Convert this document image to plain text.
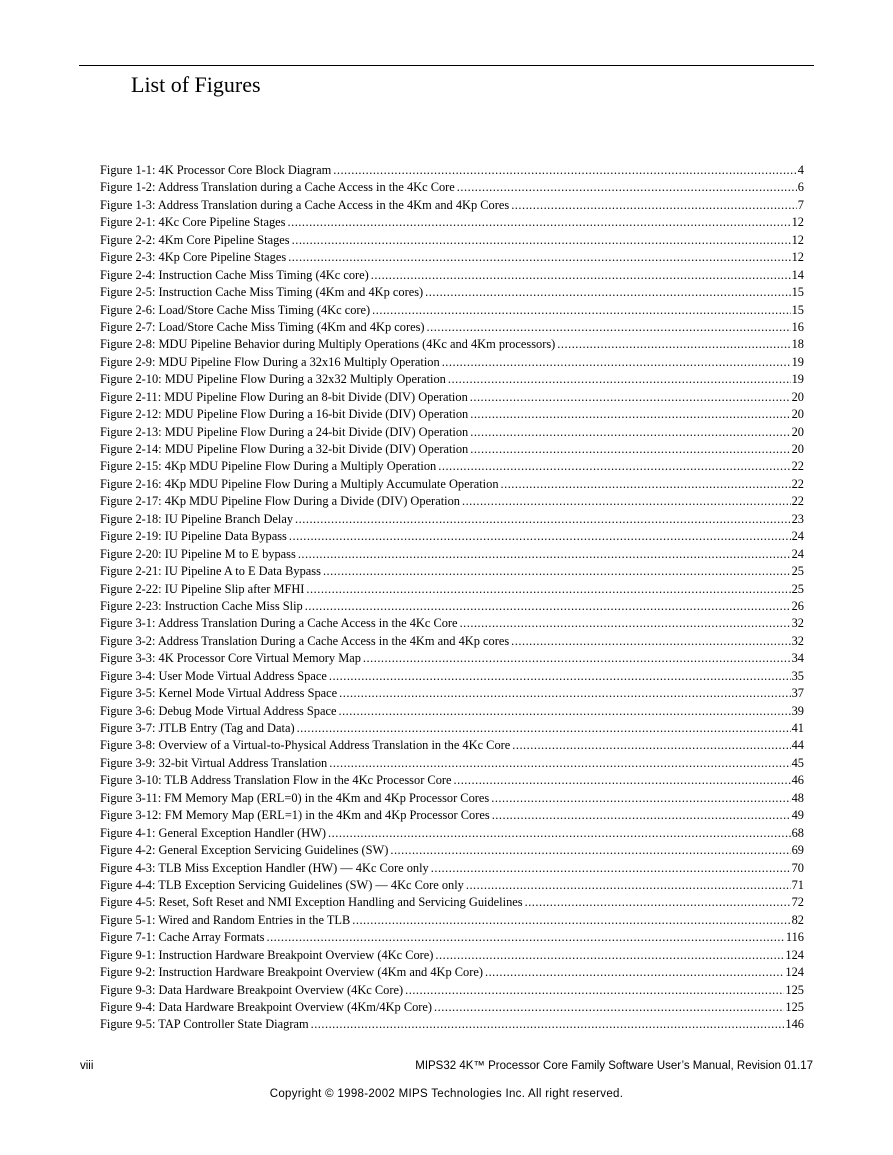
List of Figures
Figure 1-1: 4K Processor Core Block Diagram .....	4
Figure 1-2: Address Translation during a Cache Access in the 4Kc Core .....	6
Figure 1-3: Address Translation during a Cache Access in the 4Km and 4Kp Cores .....	7
Figure 2-1: 4Kc Core Pipeline Stages .....	12
Figure 2-2: 4Km Core Pipeline Stages .....	12
Figure 2-3: 4Kp Core Pipeline Stages .....	12
Figure 2-4: Instruction Cache Miss Timing (4Kc core) .....	14
Figure 2-5: Instruction Cache Miss Timing (4Km and 4Kp cores) .....	15
Figure 2-6: Load/Store Cache Miss Timing (4Kc core) .....	15
Figure 2-7: Load/Store Cache Miss Timing (4Km and 4Kp cores) .....	16
Figure 2-8: MDU Pipeline Behavior during Multiply Operations (4Kc and 4Km processors) .....	18
Figure 2-9: MDU Pipeline Flow During a 32x16 Multiply Operation .....	19
Figure 2-10: MDU Pipeline Flow During a 32x32 Multiply Operation .....	19
Figure 2-11: MDU Pipeline Flow During an 8-bit Divide (DIV) Operation .....	20
Figure 2-12: MDU Pipeline Flow During a 16-bit Divide (DIV) Operation .....	20
Figure 2-13: MDU Pipeline Flow During a 24-bit Divide (DIV) Operation .....	20
Figure 2-14: MDU Pipeline Flow During a 32-bit Divide (DIV) Operation .....	20
Figure 2-15: 4Kp MDU Pipeline Flow During a Multiply Operation .....	22
Figure 2-16: 4Kp MDU Pipeline Flow During a Multiply Accumulate Operation .....	22
Figure 2-17: 4Kp MDU Pipeline Flow During a Divide (DIV) Operation .....	22
Figure 2-18: IU Pipeline Branch Delay .....	23
Figure 2-19: IU Pipeline Data Bypass .....	24
Figure 2-20: IU Pipeline M to E bypass .....	24
Figure 2-21: IU Pipeline A to E Data Bypass .....	25
Figure 2-22: IU Pipeline Slip after MFHI .....	25
Figure 2-23: Instruction Cache Miss Slip .....	26
Figure 3-1: Address Translation During a Cache Access in the 4Kc Core .....	32
Figure 3-2: Address Translation During a Cache Access in the 4Km and 4Kp cores .....	32
Figure 3-3: 4K Processor Core Virtual Memory Map .....	34
Figure 3-4: User Mode Virtual Address Space .....	35
Figure 3-5: Kernel Mode Virtual Address Space .....	37
Figure 3-6: Debug Mode Virtual Address Space .....	39
Figure 3-7: JTLB Entry (Tag and Data) .....	41
Figure 3-8: Overview of a Virtual-to-Physical Address Translation in the 4Kc Core .....	44
Figure 3-9: 32-bit Virtual Address Translation .....	45
Figure 3-10: TLB Address Translation Flow in the 4Kc Processor Core .....	46
Figure 3-11: FM Memory Map (ERL=0) in the 4Km and 4Kp Processor Cores .....	48
Figure 3-12: FM Memory Map (ERL=1) in the 4Km and 4Kp Processor Cores .....	49
Figure 4-1: General Exception Handler (HW) .....	68
Figure 4-2: General Exception Servicing Guidelines (SW) .....	69
Figure 4-3: TLB Miss Exception Handler (HW) — 4Kc Core only .....	70
Figure 4-4: TLB Exception Servicing Guidelines (SW) — 4Kc Core only .....	71
Figure 4-5: Reset, Soft Reset and NMI Exception Handling and Servicing Guidelines .....	72
Figure 5-1: Wired and Random Entries in the TLB .....	82
Figure 7-1: Cache Array Formats .....	116
Figure 9-1: Instruction Hardware Breakpoint Overview (4Kc Core) .....	124
Figure 9-2: Instruction Hardware Breakpoint Overview (4Km and 4Kp Core) .....	124
Figure 9-3: Data Hardware Breakpoint Overview (4Kc Core) .....	125
Figure 9-4: Data Hardware Breakpoint Overview (4Km/4Kp Core) .....	125
Figure 9-5: TAP Controller State Diagram .....	146
viii	MIPS32 4K™ Processor Core Family Software User’s Manual, Revision 01.17
Copyright © 1998-2002 MIPS Technologies Inc. All right reserved.
